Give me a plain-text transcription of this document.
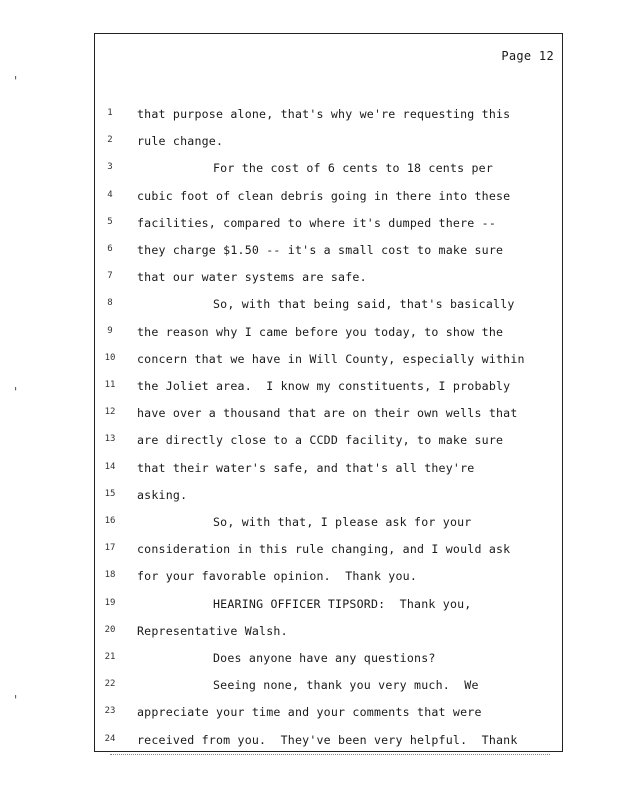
Page 12
1	that purpose alone, that's why we're requesting this
2	rule change.
3	For the cost of 6 cents to 18 cents per
4	cubic foot of clean debris going in there into these
5	facilities, compared to where it's dumped there --
6	they charge $1.50 -- it's a small cost to make sure
7	that our water systems are safe.
8	So, with that being said, that's basically
9	the reason why I came before you today, to show the
10	concern that we have in Will County, especially within
11	the Joliet area.  I know my constituents, I probably
12	have over a thousand that are on their own wells that
13	are directly close to a CCDD facility, to make sure
14	that their water's safe, and that's all they're
15	asking.
16	So, with that, I please ask for your
17	consideration in this rule changing, and I would ask
18	for your favorable opinion.  Thank you.
19	HEARING OFFICER TIPSORD:  Thank you,
20	Representative Walsh.
21	Does anyone have any questions?
22	Seeing none, thank you very much.  We
23	appreciate your time and your comments that were
24	received from you.  They've been very helpful.  Thank
'
'
'
